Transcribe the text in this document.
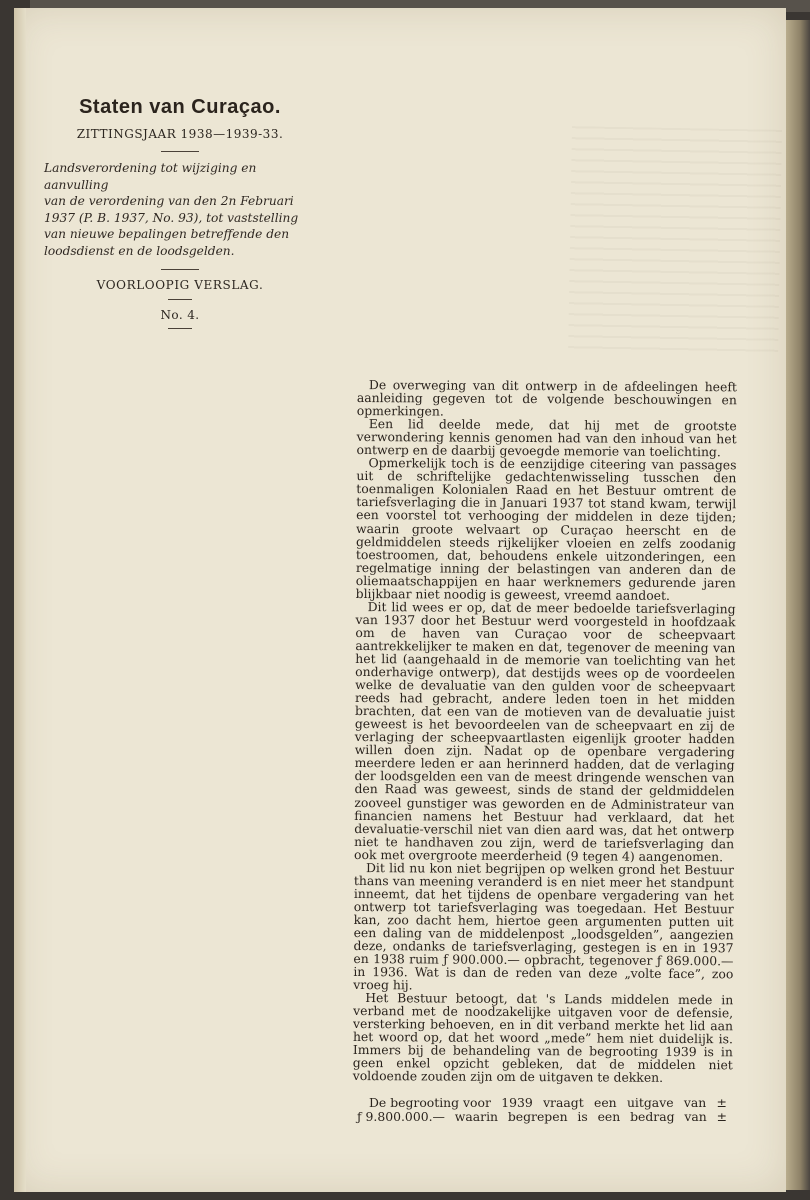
Staten van Curaçao.
ZITTINGSJAAR 1938—1939-33.

Landsverordening tot wijziging en aanvulling
van de verordening van den 2n Februari
1937 (P. B. 1937, No. 93), tot vaststelling
van nieuwe bepalingen betreffende den
loodsdienst en de loodsgelden.

VOORLOOPIG VERSLAG.
No. 4.

De overweging van dit ontwerp in de afdeelingen heeft aanleiding gegeven tot de volgende beschouwingen en opmerkingen.

Een lid deelde mede, dat hij met de grootste verwondering kennis genomen had van den inhoud van het ontwerp en de daarbij gevoegde memorie van toelichting.

Opmerkelijk toch is de eenzijdige citeering van passages uit de schriftelijke gedachtenwisseling tusschen den toenmaligen Kolonialen Raad en het Bestuur omtrent de tariefsverlaging die in Januari 1937 tot stand kwam, terwijl een voorstel tot verhooging der middelen in deze tijden; waarin groote welvaart op Curaçao heerscht en de geldmiddelen steeds rijkelijker vloeien en zelfs zoodanig toestroomen, dat, behoudens enkele uitzonderingen, een regelmatige inning der belastingen van anderen dan de oliemaatschappijen en haar werknemers gedurende jaren blijkbaar niet noodig is geweest, vreemd aandoet.

Dit lid wees er op, dat de meer bedoelde tariefsverlaging van 1937 door het Bestuur werd voorgesteld in hoofdzaak om de haven van Curaçao voor de scheepvaart aantrekkelijker te maken en dat, tegenover de meening van het lid (aangehaald in de memorie van toelichting van het onderhavige ontwerp), dat destijds wees op de voordeelen welke de devaluatie van den gulden voor de scheepvaart reeds had gebracht, andere leden toen in het midden brachten, dat een van de motieven van de devaluatie juist geweest is het bevoordeelen van de scheepvaart en zij de verlaging der scheepvaartlasten eigenlijk grooter hadden willen doen zijn. Nadat op de openbare vergadering meerdere leden er aan herinnerd hadden, dat de verlaging der loodsgelden een van de meest dringende wenschen van den Raad was geweest, sinds de stand der geldmiddelen zooveel gunstiger was geworden en de Administrateur van financien namens het Bestuur had verklaard, dat het devaluatie-verschil niet van dien aard was, dat het ontwerp niet te handhaven zou zijn, werd de tariefsverlaging dan ook met overgroote meerderheid (9 tegen 4) aangenomen.

Dit lid nu kon niet begrijpen op welken grond het Bestuur thans van meening veranderd is en niet meer het standpunt inneemt, dat het tijdens de openbare vergadering van het ontwerp tot tariefsverlaging was toegedaan. Het Bestuur kan, zoo dacht hem, hiertoe geen argumenten putten uit een daling van de middelenpost „loodsgelden”, aangezien deze, ondanks de tariefsverlaging, gestegen is en in 1937 en 1938 ruim ƒ 900.000.— opbracht, tegenover ƒ 869.000.— in 1936. Wat is dan de reden van deze „volte face”, zoo vroeg hij.

Het Bestuur betoogt, dat 's Lands middelen mede in verband met de noodzakelijke uitgaven voor de defensie, versterking behoeven, en in dit verband merkte het lid aan het woord op, dat het woord „mede” hem niet duidelijk is. Immers bij de behandeling van de begrooting 1939 is in geen enkel opzicht gebleken, dat de middelen niet voldoende zouden zijn om de uitgaven te dekken.

De begrooting voor 1939 vraagt een uitgave van ±
ƒ 9.800.000.— waarin begrepen is een bedrag van ±
